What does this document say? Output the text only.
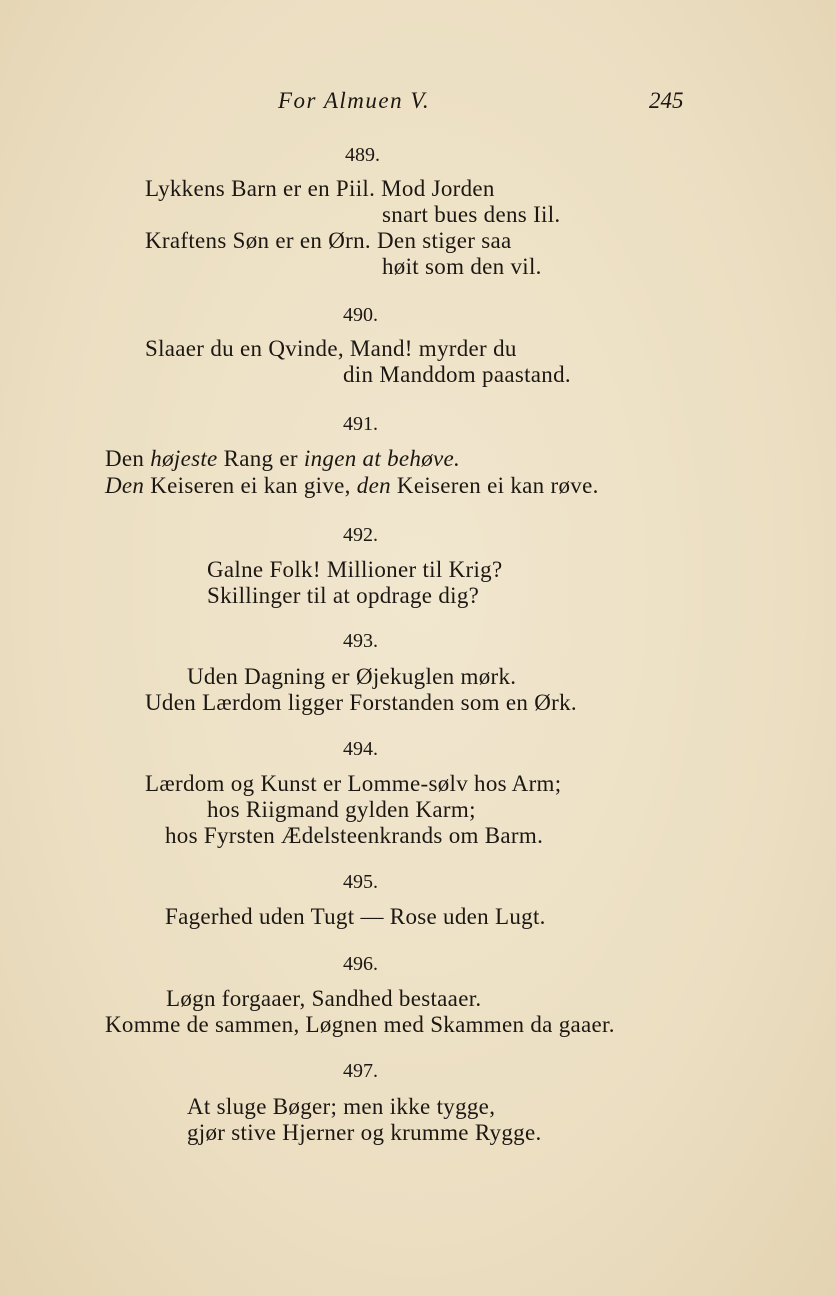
For Almuen V.	245
489.
Lykkens Barn er en Piil. Mod Jorden
snart bues dens Iil.
Kraftens Søn er en Ørn. Den stiger saa
høit som den vil.
490.
Slaaer du en Qvinde, Mand! myrder du
din Manddom paastand.
491.
Den højeste Rang er ingen at behøve.
Den Keiseren ei kan give, den Keiseren ei kan røve.
492.
Galne Folk! Millioner til Krig?
Skillinger til at opdrage dig?
493.
Uden Dagning er Øjekuglen mørk.
Uden Lærdom ligger Forstanden som en Ørk.
494.
Lærdom og Kunst er Lomme-sølv hos Arm;
hos Riigmand gylden Karm;
hos Fyrsten Ædelsteenkrands om Barm.
495.
Fagerhed uden Tugt — Rose uden Lugt.
496.
Løgn forgaaer, Sandhed bestaaer.
Komme de sammen, Løgnen med Skammen da gaaer.
497.
At sluge Bøger; men ikke tygge,
gjør stive Hjerner og krumme Rygge.
